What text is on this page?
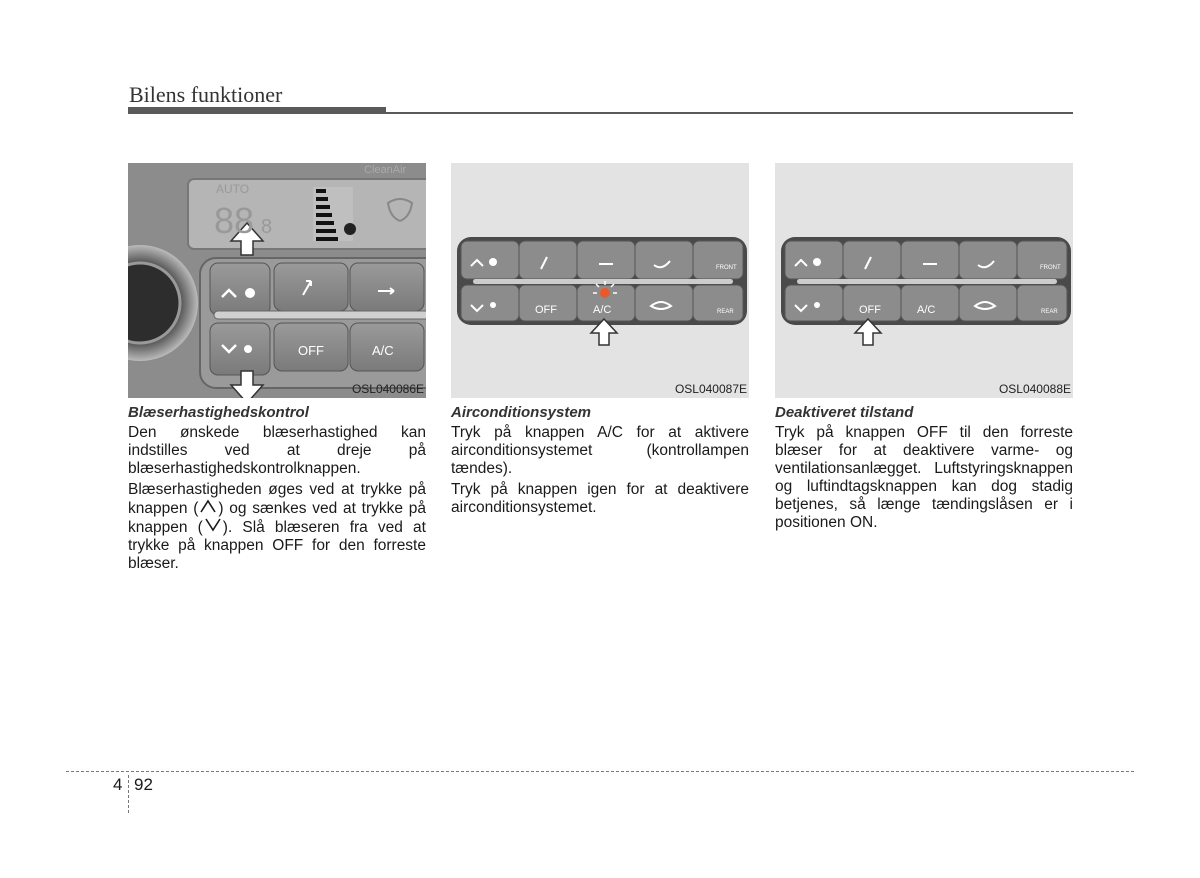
Bilens funktioner
AUTO
88 8
CleanAir
OFF	A/C
OSL040086E
OFF	A/C
FRONT
REAR
OSL040087E
OFF	A/C
FRONT
REAR
OSL040088E

Blæserhastighedskontrol

Den ønskede blæserhastighed kan indstilles ved at dreje på blæserhastighedskontrolknappen.

Blæserhastigheden øges ved at trykke på knappen ( ) og sænkes ved at trykke på knappen ( ). Slå blæseren fra ved at trykke på knappen OFF for den forreste blæser.

Airconditionsystem

Tryk på knappen A/C for at aktivere airconditionsystemet (kontrollampen tændes).

Tryk på knappen igen for at deaktivere airconditionsystemet.

Deaktiveret tilstand

Tryk på knappen OFF til den forreste blæser for at deaktivere varme- og ventilationsanlægget. Luftstyringsknappen og luftindtagsknappen kan dog stadig betjenes, så længe tændingslåsen er i positionen ON.

4 92
